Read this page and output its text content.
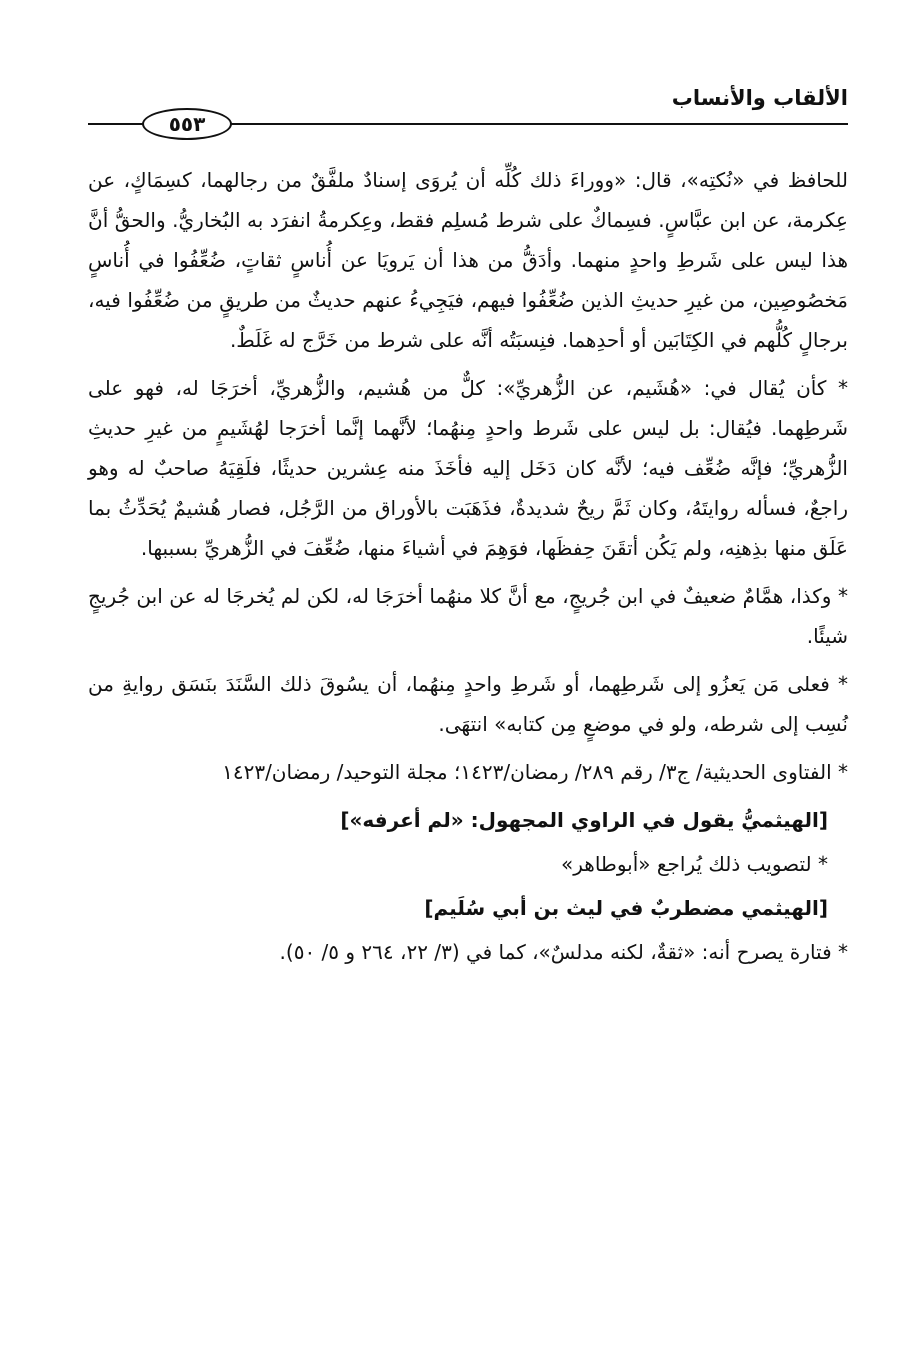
الألقاب والأنساب
٥٥٣

للحافظ في «نُكتِه»، قال: «ووراءَ ذلك كُلِّه أن يُروَى إسنادٌ ملفَّقٌ من رجالهما، كسِمَاكٍ، عن عِكرمة، عن ابن عبَّاسٍ. فسِماكٌ على شرط مُسلِم فقط، وعِكرمةُ انفرَد به البُخاريُّ. والحقُّ أنَّ هذا ليس على شَرطِ واحدٍ منهما. وأدَقُّ من هذا أن يَرويَا عن أُناسٍ ثقاتٍ، ضُعِّفُوا في أُناسٍ مَخصُوصِين، من غيرِ حديثِ الذين ضُعِّفُوا فيهم، فيَجِيءُ عنهم حديثٌ من طريقٍ من ضُعِّفُوا فيه، برجالٍ كُلُّهم في الكِتَابَين أو أحدِهما. فنِسبَتُه أنَّه على شرط من خَرَّج له غَلَطٌ.

* كأن يُقال في: «هُشَيم، عن الزُّهريِّ»: كلٌّ من هُشيم، والزُّهريِّ، أخرَجَا له، فهو على شَرطِهما. فيُقال: بل ليس على شَرط واحدٍ مِنهُما؛ لأنَّهما إنَّما أخرَجا لهُشَيمٍ من غيرِ حديثِ الزُّهريِّ؛ فإنَّه ضُعِّف فيه؛ لأنَّه كان دَخَل إليه فأخَذَ منه عِشرين حديثًا، فلَقِيَهُ صاحبٌ له وهو راجعٌ، فسأله روايتَهُ، وكان ثَمَّ ريحٌ شديدةٌ، فذَهَبَت بالأوراق من الرَّجُل، فصار هُشيمٌ يُحَدِّثُ بما عَلَق منها بذِهنِه، ولم يَكُن أتقَنَ حِفظَها، فوَهِمَ في أشياءَ منها، ضُعِّفَ في الزُّهريِّ بسببها.

* وكذا، همَّامٌ ضعيفٌ في ابن جُريجٍ، مع أنَّ كلا منهُما أخرَجَا له، لكن لم يُخرجَا له عن ابن جُريجٍ شيئًا.

* فعلى مَن يَعزُو إلى شَرطِهما، أو شَرطِ واحدٍ مِنهُما، أن يسُوقَ ذلك السَّنَدَ بنَسَق روايةِ من نُسِب إلى شرطه، ولو في موضعٍ مِن كتابه» انتهَى.

* الفتاوى الحديثية/ ج٣/ رقم ٢٨٩/ رمضان/١٤٢٣؛ مجلة التوحيد/ رمضان/١٤٢٣

[الهيثميُّ يقول في الراوي المجهول: «لم أعرفه»]

* لتصويب ذلك يُراجع «أبوطاهر»

[الهيثمي مضطربٌ في ليث بن أبي سُلَيم]

* فتارة يصرح أنه: «ثقةٌ، لكنه مدلسٌ»، كما في (٣/ ٢٢، ٢٦٤ و ٥/ ٥٠).
